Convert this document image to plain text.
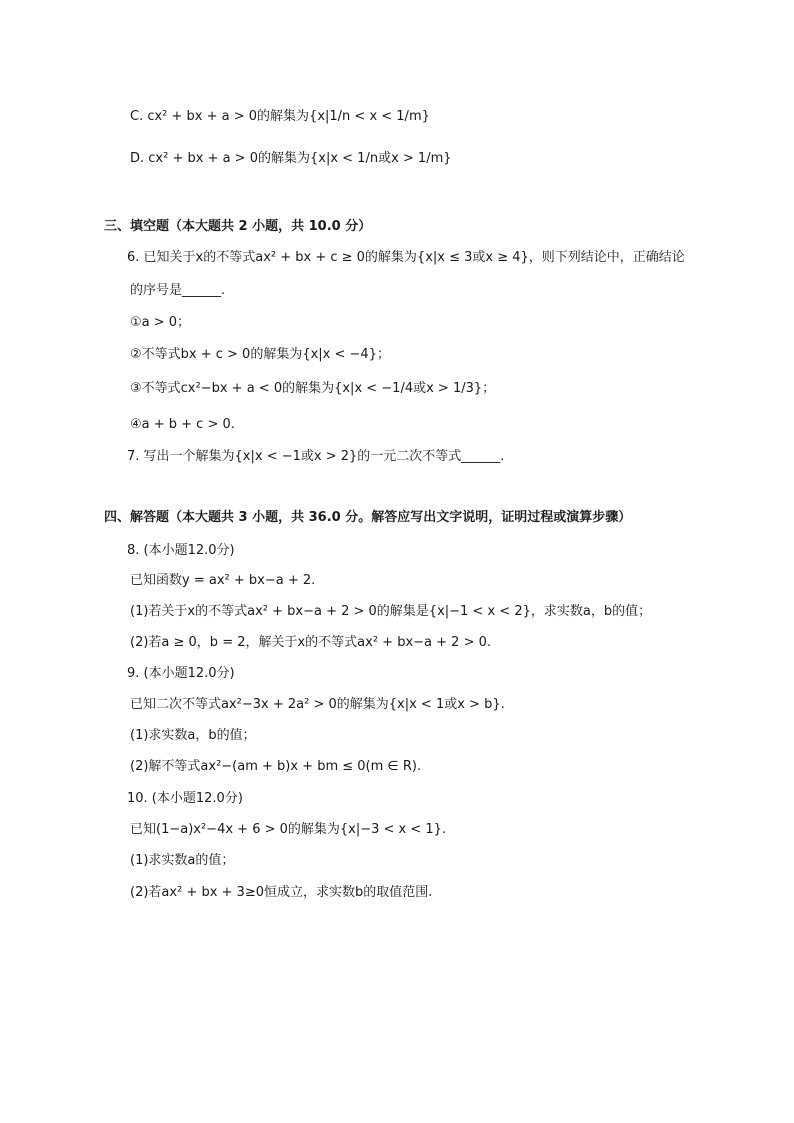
C. cx² + bx + a > 0的解集为{x|1/n < x < 1/m}
D. cx² + bx + a > 0的解集为{x|x < 1/n或x > 1/m}
三、填空题（本大题共 2 小题，共 10.0 分）
6. 已知关于x的不等式ax² + bx + c ≥ 0的解集为{x|x ≤ 3或x ≥ 4}，则下列结论中，正确结论
的序号是______.
①a > 0；
②不等式bx + c > 0的解集为{x|x < −4}；
③不等式cx²−bx + a < 0的解集为{x|x < −1/4或x > 1/3}；
④a + b + c > 0.
7. 写出一个解集为{x|x < −1或x > 2}的一元二次不等式______.
四、解答题（本大题共 3 小题，共 36.0 分。解答应写出文字说明，证明过程或演算步骤）
8. (本小题12.0分)
已知函数y = ax² + bx−a + 2.
(1)若关于x的不等式ax² + bx−a + 2 > 0的解集是{x|−1 < x < 2}，求实数a，b的值；
(2)若a ≥ 0，b = 2，解关于x的不等式ax² + bx−a + 2 > 0.
9. (本小题12.0分)
已知二次不等式ax²−3x + 2a² > 0的解集为{x|x < 1或x > b}.
(1)求实数a，b的值；
(2)解不等式ax²−(am + b)x + bm ≤ 0(m ∈ R).
10. (本小题12.0分)
已知(1−a)x²−4x + 6 > 0的解集为{x|−3 < x < 1}.
(1)求实数a的值；
(2)若ax² + bx + 3≥0恒成立，求实数b的取值范围.
